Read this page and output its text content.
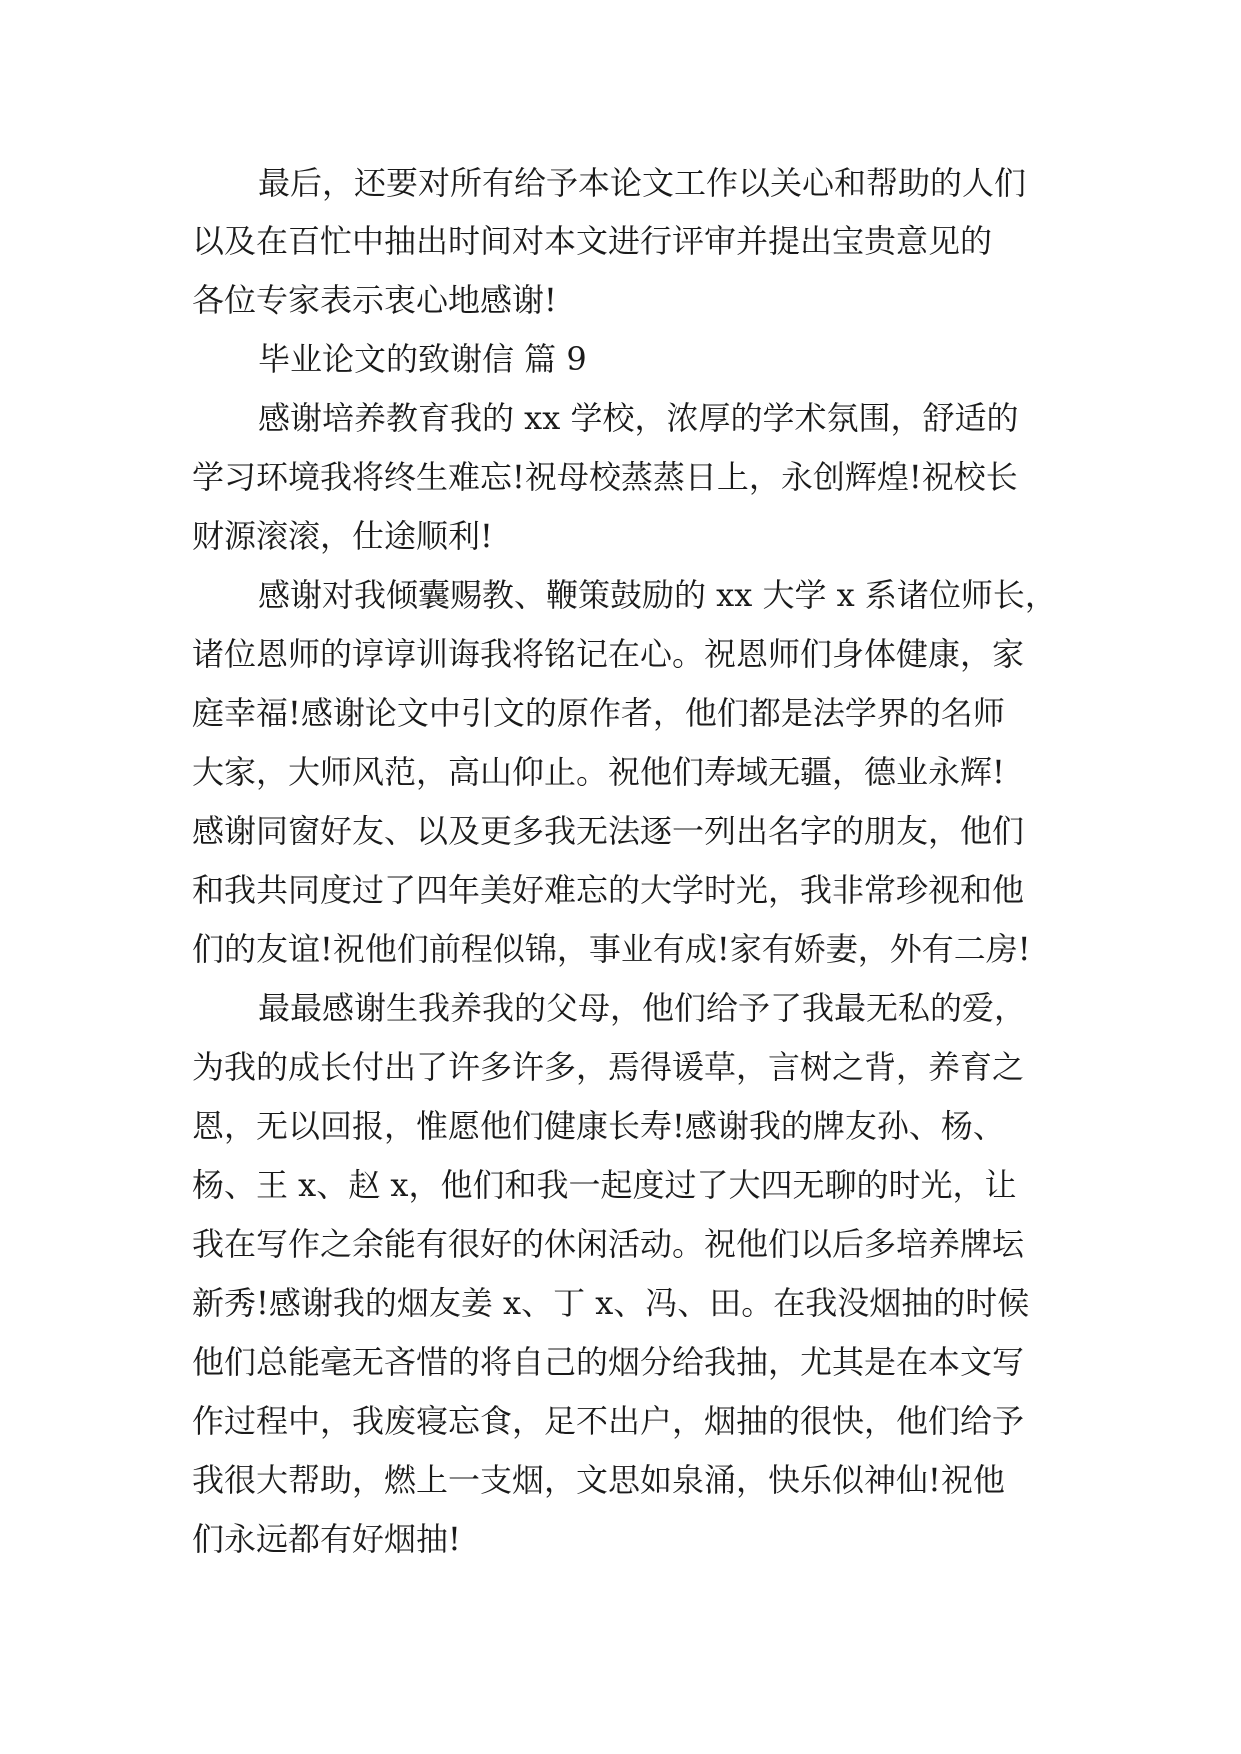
最后，还要对所有给予本论文工作以关心和帮助的人们
以及在百忙中抽出时间对本文进行评审并提出宝贵意见的
各位专家表示衷心地感谢!
毕业论文的致谢信 篇 9
感谢培养教育我的 xx 学校，浓厚的学术氛围，舒适的
学习环境我将终生难忘!祝母校蒸蒸日上，永创辉煌!祝校长
财源滚滚，仕途顺利!
感谢对我倾囊赐教、鞭策鼓励的 xx 大学 x 系诸位师长，
诸位恩师的谆谆训诲我将铭记在心。祝恩师们身体健康，家
庭幸福!感谢论文中引文的原作者，他们都是法学界的名师
大家，大师风范，高山仰止。祝他们寿域无疆，德业永辉!
感谢同窗好友、以及更多我无法逐一列出名字的朋友，他们
和我共同度过了四年美好难忘的大学时光，我非常珍视和他
们的友谊!祝他们前程似锦，事业有成!家有娇妻，外有二房!
最最感谢生我养我的父母，他们给予了我最无私的爱，
为我的成长付出了许多许多，焉得谖草，言树之背，养育之
恩，无以回报，惟愿他们健康长寿!感谢我的牌友孙、杨、
杨、王 x、赵 x，他们和我一起度过了大四无聊的时光，让
我在写作之余能有很好的休闲活动。祝他们以后多培养牌坛
新秀!感谢我的烟友姜 x、丁 x、冯、田。在我没烟抽的时候
他们总能毫无吝惜的将自己的烟分给我抽，尤其是在本文写
作过程中，我废寝忘食，足不出户，烟抽的很快，他们给予
我很大帮助，燃上一支烟，文思如泉涌，快乐似神仙!祝他
们永远都有好烟抽!
